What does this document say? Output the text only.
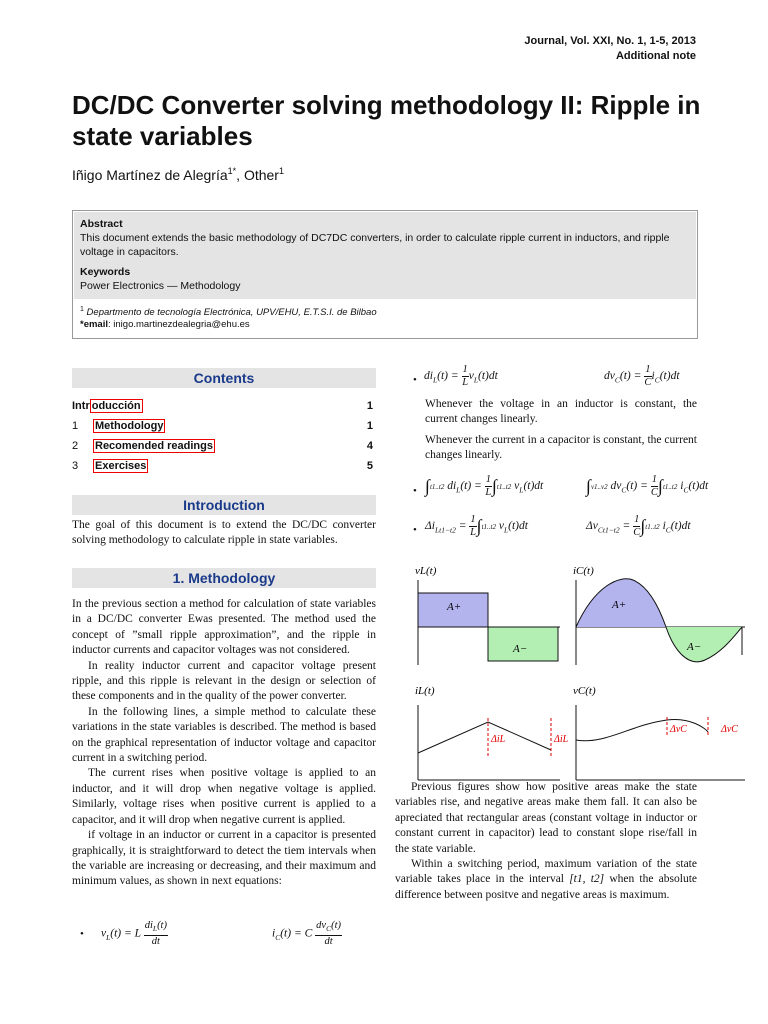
Journal, Vol. XXI, No. 1, 1-5, 2013
Additional note
DC/DC Converter solving methodology II: Ripple in state variables
Iñigo Martínez de Alegría$^{1*}$, Other$^1$
Abstract
This document extends the basic methodology of DC7DC converters, in order to calculate ripple current in inductors, and ripple voltage in capacitors.
Keywords
Power Electronics — Methodology
$^1$ Departmento de tecnología Electrónica, UPV/EHU, E.T.S.I. de Bilbao
*email: inigo.martinezdealegria@ehu.es
Contents
Intr oducción	1
1 Methodology	1
2 Recomended readings	4
3 Exercises	5
Introduction
The goal of this document is to extend the DC/DC converter solving methodology to calculate ripple in state variables.
1. Methodology

In the previous section a method for calculation of state variables in a DC/DC converter Ewas presented. The method used the concept of ”small ripple approximation”, and the ripple in inductor currents and capacitor voltages was not considered.

In reality inductor current and capacitor voltage present ripple, and this ripple is relevant in the design or selection of these components and in the quality of the power converter.

In the following lines, a simple method to calculate these variations in the state variables is described. The method is based on the graphical representation of inductor voltage and capacitor current in a switching period.

The current rises when positive voltage is applied to an inductor, and it will drop when negative voltage is applied. Similarly, voltage rises when positive current is applied to a capacitor, and it will drop when negative current is applied.

if voltage in an inductor or current in a capacitor is presented graphically, it is straightforward to detect the tiem intervals when the variable are increasing or decreasing, and their maximum and minimum values, as shown in next equations:

• $v_L(t) = L \frac{di_L(t)}{dt}$	$i_C(t) = C \frac{dv_C(t)}{dt}$
• $di_L(t) = \frac{1}{L} v_L(t)dt$	$dv_C(t) = \frac{1}{C} i_C(t)dt$
Whenever the voltage in an inductor is constant, the current changes linearly.
Whenever the current in a capacitor is constant, the current changes linearly.
• ∫t1..t2 $di_L(t) = \frac{1}{L} \int t1..t2$ $v_L(t)dt$ ∫v1..v2 $dv_C(t) = \frac{1}{C} \int t1..t2$ $i_C(t)dt$
• $\Delta i_{Lt1-t2} = \frac{1}{L} \int t1..t2$ $v_L(t)dt$	$\Delta v_{Ct1-t2} = \frac{1}{C} \int t1..t2$ $i_C(t)dt$
vL(t)	iC(t)
iL(t)	vC(t)
A+
A−
A+
A−
ΔiL	ΔiL
ΔvC	ΔvC

Previous figures show how positive areas make the state variables rise, and negative areas make them fall. It can also be apreciated that rectangular areas (constant voltage in inductor or constant current in capacitor) lead to constant slope rise/fall in the state variable.

Within a switching period, maximum variation of the state variable takes place in the interval [t1, t2] when the absolute difference between positve and negative areas is maximum.
